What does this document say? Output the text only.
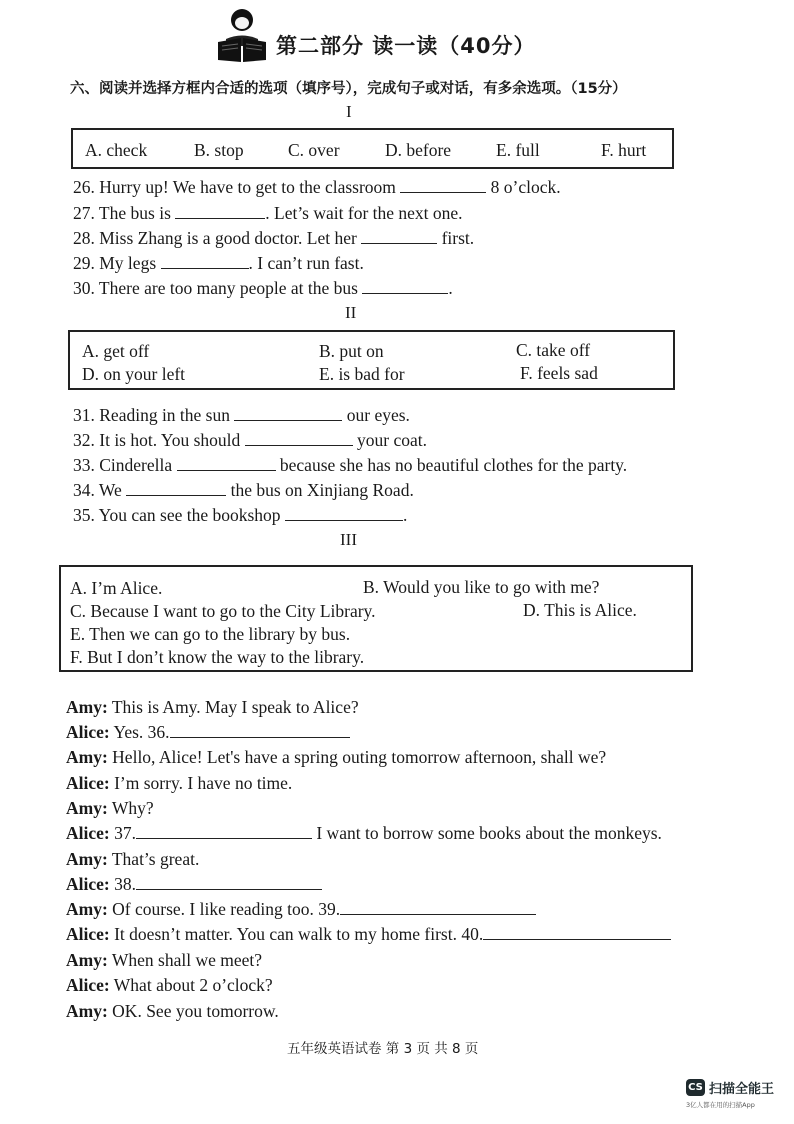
第二部分 读一读（40分）
六、阅读并选择方框内合适的选项（填序号），完成句子或对话，有多余选项。（15分）
I
A. check	B. stop	C. over	D. before	E. full	F. hurt
26. Hurry up! We have to get to the classroom	8 o’clock.
27. The bus is	. Let’s wait for the next one.
28. Miss Zhang is a good doctor. Let her	first.
29. My legs	. I can’t run fast.
30. There are too many people at the bus	.
II
A. get off	B. put on	C. take off
D. on your left	E. is bad for	F. feels sad
31. Reading in the sun	our eyes.
32. It is hot. You should	your coat.
33. Cinderella	because she has no beautiful clothes for the party.
34. We	the bus on Xinjiang Road.
35. You can see the bookshop	.
III
A. I’m Alice.	B. Would you like to go with me?
C. Because I want to go to the City Library.	D. This is Alice.
E. Then we can go to the library by bus.
F. But I don’t know the way to the library.
Amy: This is Amy. May I speak to Alice?
Alice: Yes. 36.
Amy: Hello, Alice! Let's have a spring outing tomorrow afternoon, shall we?
Alice: I’m sorry. I have no time.
Amy: Why?
Alice: 37.	I want to borrow some books about the monkeys.
Amy: That’s great.
Alice: 38.
Amy: Of course. I like reading too. 39.
Alice: It doesn’t matter. You can walk to my home first. 40.
Amy: When shall we meet?
Alice: What about 2 o’clock?
Amy: OK. See you tomorrow.
五年级英语试卷 第 3 页 共 8 页
CS 扫描全能王
3亿人都在用的扫描App
